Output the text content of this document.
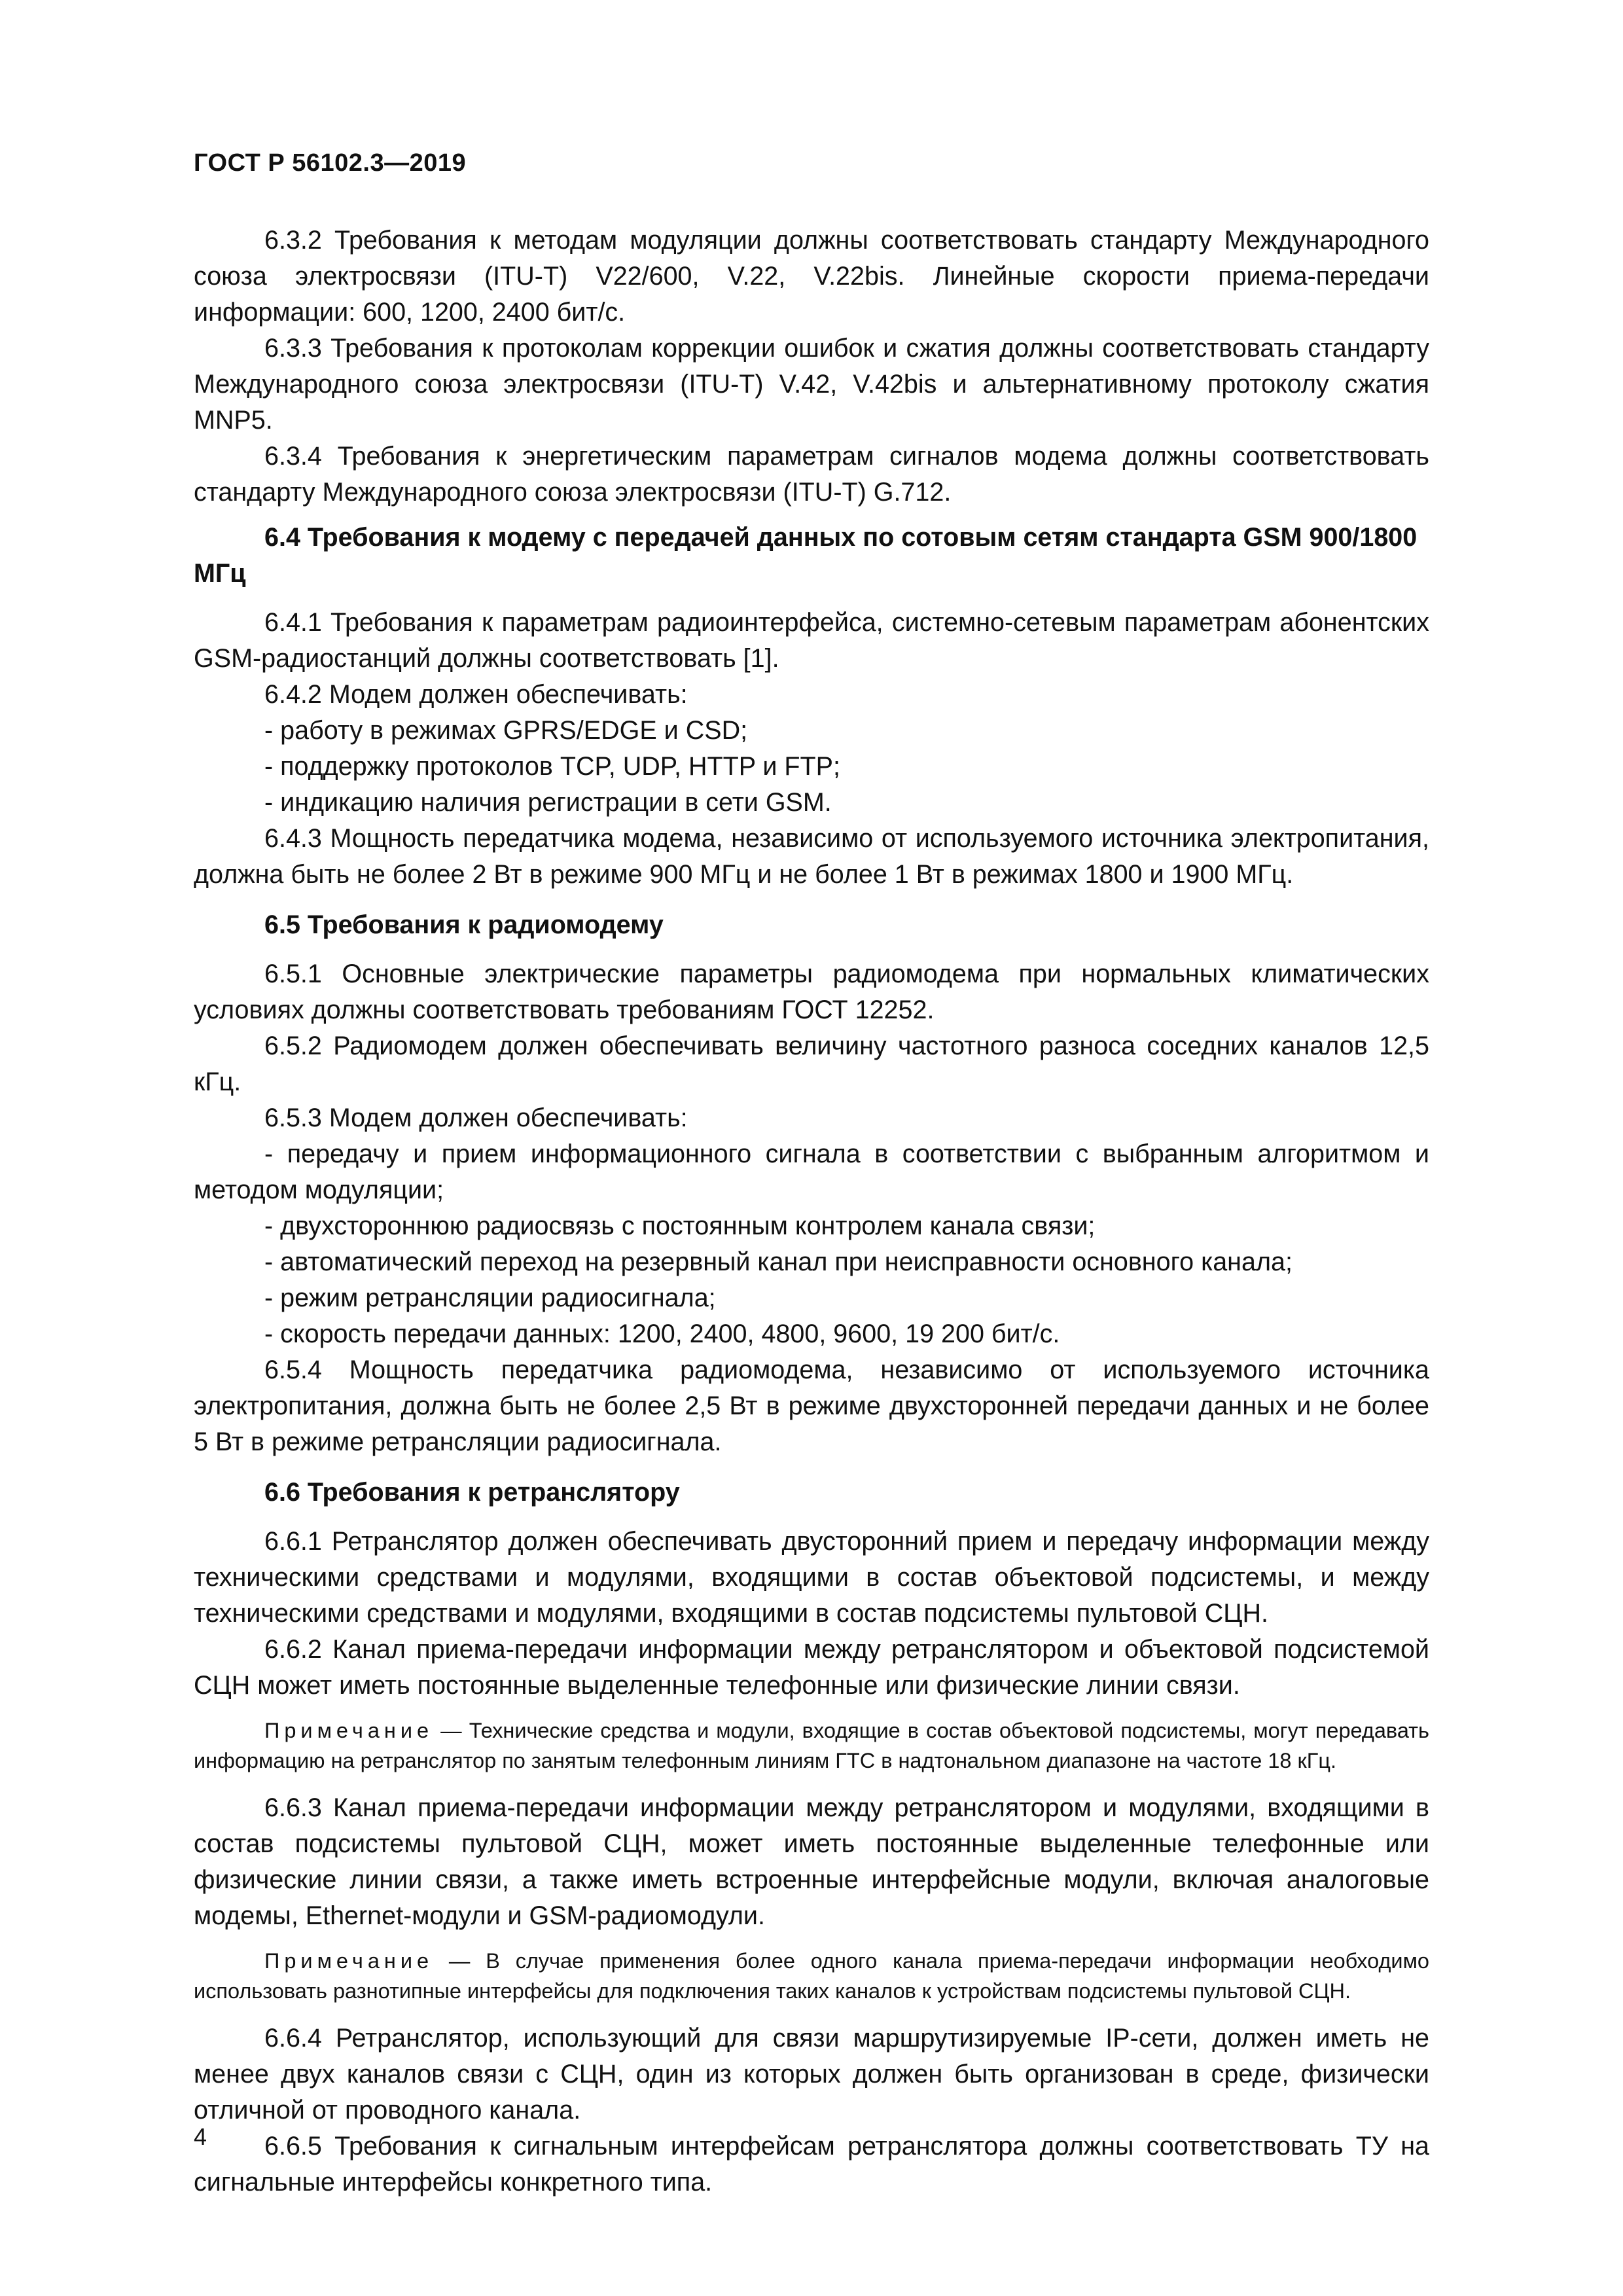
ГОСТ Р 56102.3—2019

6.3.2 Требования к методам модуляции должны соответствовать стандарту Международного союза электросвязи (ITU-T) V22/600, V.22, V.22bis. Линейные скорости приема-передачи информации: 600, 1200, 2400 бит/с.

6.3.3 Требования к протоколам коррекции ошибок и сжатия должны соответствовать стандарту Международного союза электросвязи (ITU-T) V.42, V.42bis и альтернативному протоколу сжатия MNP5.

6.3.4 Требования к энергетическим параметрам сигналов модема должны соответствовать стандарту Международного союза электросвязи (ITU-T) G.712.

6.4 Требования к модему с передачей данных по сотовым сетям стандарта GSM 900/1800 МГц

6.4.1 Требования к параметрам радиоинтерфейса, системно-сетевым параметрам абонентских GSM-радиостанций должны соответствовать [1].

6.4.2 Модем должен обеспечивать:

- работу в режимах GPRS/EDGE и CSD;

- поддержку протоколов TCP, UDP, HTTP и FTP;

- индикацию наличия регистрации в сети GSM.

6.4.3 Мощность передатчика модема, независимо от используемого источника электропитания, должна быть не более 2 Вт в режиме 900 МГц и не более 1 Вт в режимах 1800 и 1900 МГц.

6.5 Требования к радиомодему

6.5.1 Основные электрические параметры радиомодема при нормальных климатических условиях должны соответствовать требованиям ГОСТ 12252.

6.5.2 Радиомодем должен обеспечивать величину частотного разноса соседних каналов 12,5 кГц.

6.5.3 Модем должен обеспечивать:

- передачу и прием информационного сигнала в соответствии с выбранным алгоритмом и методом модуляции;

- двухстороннюю радиосвязь с постоянным контролем канала связи;

- автоматический переход на резервный канал при неисправности основного канала;

- режим ретрансляции радиосигнала;

- скорость передачи данных: 1200, 2400, 4800, 9600, 19 200 бит/с.

6.5.4 Мощность передатчика радиомодема, независимо от используемого источника электропитания, должна быть не более 2,5 Вт в режиме двухсторонней передачи данных и не более 5 Вт в режиме ретрансляции радиосигнала.

6.6 Требования к ретранслятору

6.6.1 Ретранслятор должен обеспечивать двусторонний прием и передачу информации между техническими средствами и модулями, входящими в состав объектовой подсистемы, и между техническими средствами и модулями, входящими в состав подсистемы пультовой СЦН.

6.6.2 Канал приема-передачи информации между ретранслятором и объектовой подсистемой СЦН может иметь постоянные выделенные телефонные или физические линии связи.

Примечание — Технические средства и модули, входящие в состав объектовой подсистемы, могут передавать информацию на ретранслятор по занятым телефонным линиям ГТС в надтональном диапазоне на частоте 18 кГц.

6.6.3 Канал приема-передачи информации между ретранслятором и модулями, входящими в состав подсистемы пультовой СЦН, может иметь постоянные выделенные телефонные или физические линии связи, а также иметь встроенные интерфейсные модули, включая аналоговые модемы, Ethernet-модули и GSM-радиомодули.

Примечание — В случае применения более одного канала приема-передачи информации необходимо использовать разнотипные интерфейсы для подключения таких каналов к устройствам подсистемы пультовой СЦН.

6.6.4 Ретранслятор, использующий для связи маршрутизируемые IP-сети, должен иметь не менее двух каналов связи с СЦН, один из которых должен быть организован в среде, физически отличной от проводного канала.

6.6.5 Требования к сигнальным интерфейсам ретранслятора должны соответствовать ТУ на сигнальные интерфейсы конкретного типа.

4
